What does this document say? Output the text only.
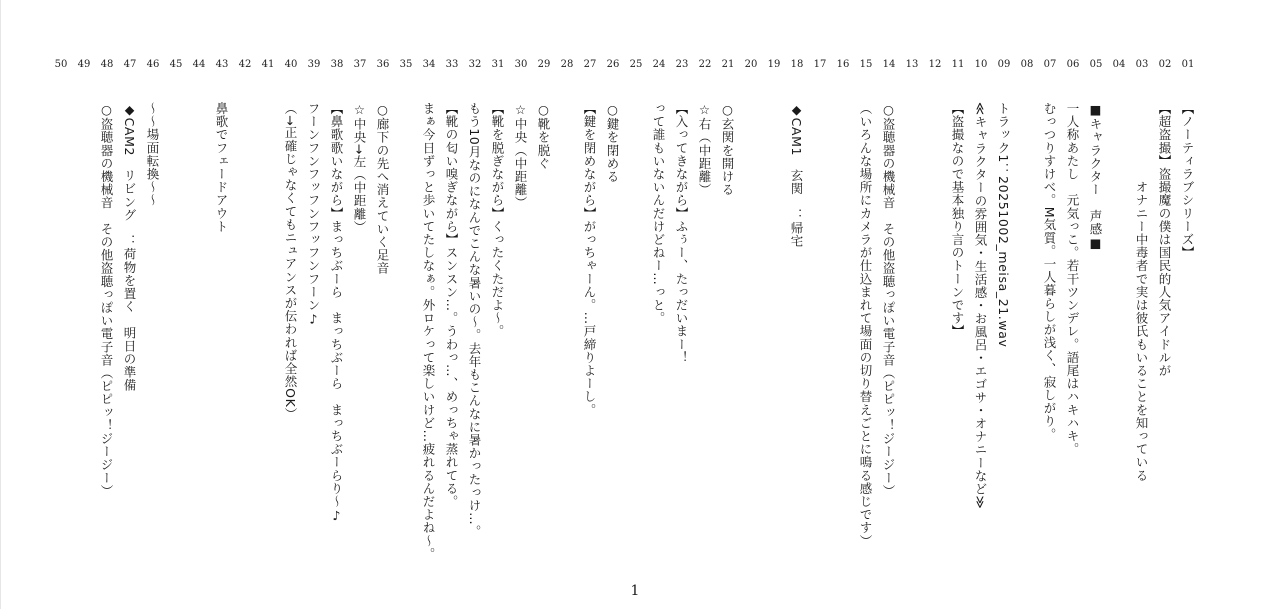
01
02
03
04
05
06
07
08
09
10
11
12
13
14
15
16
17
18
19
20
21
22
23
24
25
26
27
28
29
30
31
32
33
34
35
36
37
38
39
40
41
42
43
44
45
46
47
48
49
50
【ノーティラブシリーズ】
【超盗撮】盗撮魔の僕は国民的人気アイドルが
　　　　　　オナニー中毒者で実は彼氏もいることを知っている
■キャラクター　声感■
一人称あたし　元気っこ。若干ツンデレ。語尾はハキハキ。
むっつりすけべ。M気質。一人暮らしが浅く、寂しがり。
トラック1：20251002_meisa_21.wav
≪キャラクターの雰囲気・生活感・お風呂・エゴサ・オナニーなど≫
【盗撮なので基本独り言のトーンです】
○盗聴器の機械音　その他盗聴っぽい電子音（ピピッ！ジージー）
（いろんな場所にカメラが仕込まれて場面の切り替えごとに鳴る感じです）
◆CAM1　玄関　：帰宅
○玄関を開ける
☆右（中距離）
【入ってきながら】ふぅー、たっだいまー！
って誰もいないんだけどねー…っと。
○鍵を閉める
【鍵を閉めながら】がっちゃーん。…戸締りよーし。
○靴を脱ぐ
☆中央（中距離）
【靴を脱ぎながら】くったくただよ～。
もう10月なのになんでこんな暑いの～。去年もこんなに暑かったっけ…。
【靴の匂い嗅ぎながら】スンスン…。うわっ…、めっちゃ蒸れてる。
まぁ今日ずっと歩いてたしなぁ。外ロケって楽しいけど…疲れるんだよね～。
○廊下の先へ消えていく足音
☆中央→左（中距離）
【鼻歌歌いながら】まっちぶーら　まっちぶーら　まっちぶーらり～♪
フーンフンフッフンフッフンフーン♪
（→正確じゃなくてもニュアンスが伝われば全然OK）
鼻歌でフェードアウト
～～場面転換～～
◆CAM2　リビング　：荷物を置く　明日の準備
○盗聴器の機械音　その他盗聴っぽい電子音（ピピッ！ジージー）
1
